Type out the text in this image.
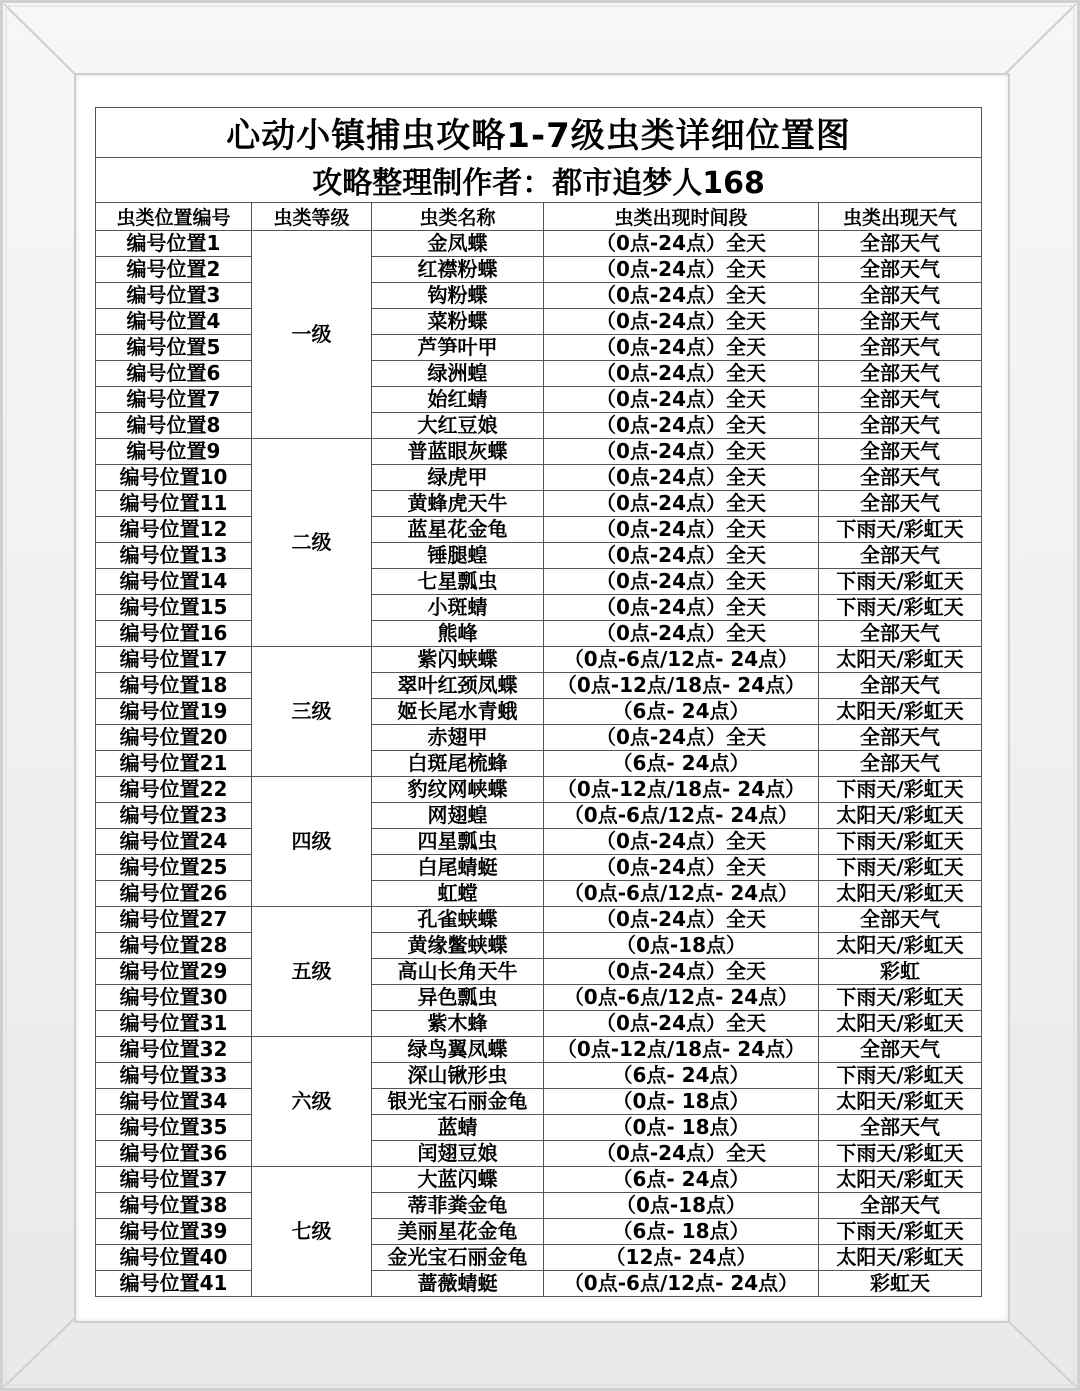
心动小镇捕虫攻略1-7级虫类详细位置图				
攻略整理制作者：都市追梦人168				
虫类位置编号	虫类等级	虫类名称	虫类出现时间段	虫类出现天气
编号位置1	一级	金凤蝶	（0点-24点）全天	全部天气
编号位置2		红襟粉蝶	（0点-24点）全天	全部天气
编号位置3		钩粉蝶	（0点-24点）全天	全部天气
编号位置4		菜粉蝶	（0点-24点）全天	全部天气
编号位置5		芦笋叶甲	（0点-24点）全天	全部天气
编号位置6		绿洲蝗	（0点-24点）全天	全部天气
编号位置7		始红蜻	（0点-24点）全天	全部天气
编号位置8		大红豆娘	（0点-24点）全天	全部天气
编号位置9	二级	普蓝眼灰蝶	（0点-24点）全天	全部天气
编号位置10		绿虎甲	（0点-24点）全天	全部天气
编号位置11		黄蜂虎天牛	（0点-24点）全天	全部天气
编号位置12		蓝星花金龟	（0点-24点）全天	下雨天/彩虹天
编号位置13		锤腿蝗	（0点-24点）全天	全部天气
编号位置14		七星瓢虫	（0点-24点）全天	下雨天/彩虹天
编号位置15		小斑蜻	（0点-24点）全天	下雨天/彩虹天
编号位置16		熊峰	（0点-24点）全天	全部天气
编号位置17	三级	紫闪蛱蝶	（0点-6点/12点- 24点）	太阳天/彩虹天
编号位置18		翠叶红颈凤蝶	（0点-12点/18点- 24点）	全部天气
编号位置19		姬长尾水青蛾	（6点- 24点）	太阳天/彩虹天
编号位置20		赤翅甲	（0点-24点）全天	全部天气
编号位置21		白斑尾梳蜂	（6点- 24点）	全部天气
编号位置22	四级	豹纹网峡蝶	（0点-12点/18点- 24点）	下雨天/彩虹天
编号位置23		网翅蝗	（0点-6点/12点- 24点）	太阳天/彩虹天
编号位置24		四星瓢虫	（0点-24点）全天	下雨天/彩虹天
编号位置25		白尾蜻蜓	（0点-24点）全天	下雨天/彩虹天
编号位置26		虹螳	（0点-6点/12点- 24点）	太阳天/彩虹天
编号位置27	五级	孔雀蛱蝶	（0点-24点）全天	全部天气
编号位置28		黄缘鳖蛱蝶	（0点-18点）	太阳天/彩虹天
编号位置29		高山长角天牛	（0点-24点）全天	彩虹
编号位置30		异色瓢虫	（0点-6点/12点- 24点）	下雨天/彩虹天
编号位置31		紫木蜂	（0点-24点）全天	太阳天/彩虹天
编号位置32	六级	绿鸟翼凤蝶	（0点-12点/18点- 24点）	全部天气
编号位置33		深山锹形虫	（6点- 24点）	下雨天/彩虹天
编号位置34		银光宝石丽金龟	（0点- 18点）	太阳天/彩虹天
编号位置35		蓝蜻	（0点- 18点）	全部天气
编号位置36		闰翅豆娘	（0点-24点）全天	下雨天/彩虹天
编号位置37	七级	大蓝闪蝶	（6点- 24点）	太阳天/彩虹天
编号位置38		蒂菲粪金龟	（0点-18点）	全部天气
编号位置39		美丽星花金龟	（6点- 18点）	下雨天/彩虹天
编号位置40		金光宝石丽金龟	（12点- 24点）	太阳天/彩虹天
编号位置41		蔷薇蜻蜓	（0点-6点/12点- 24点）	彩虹天
